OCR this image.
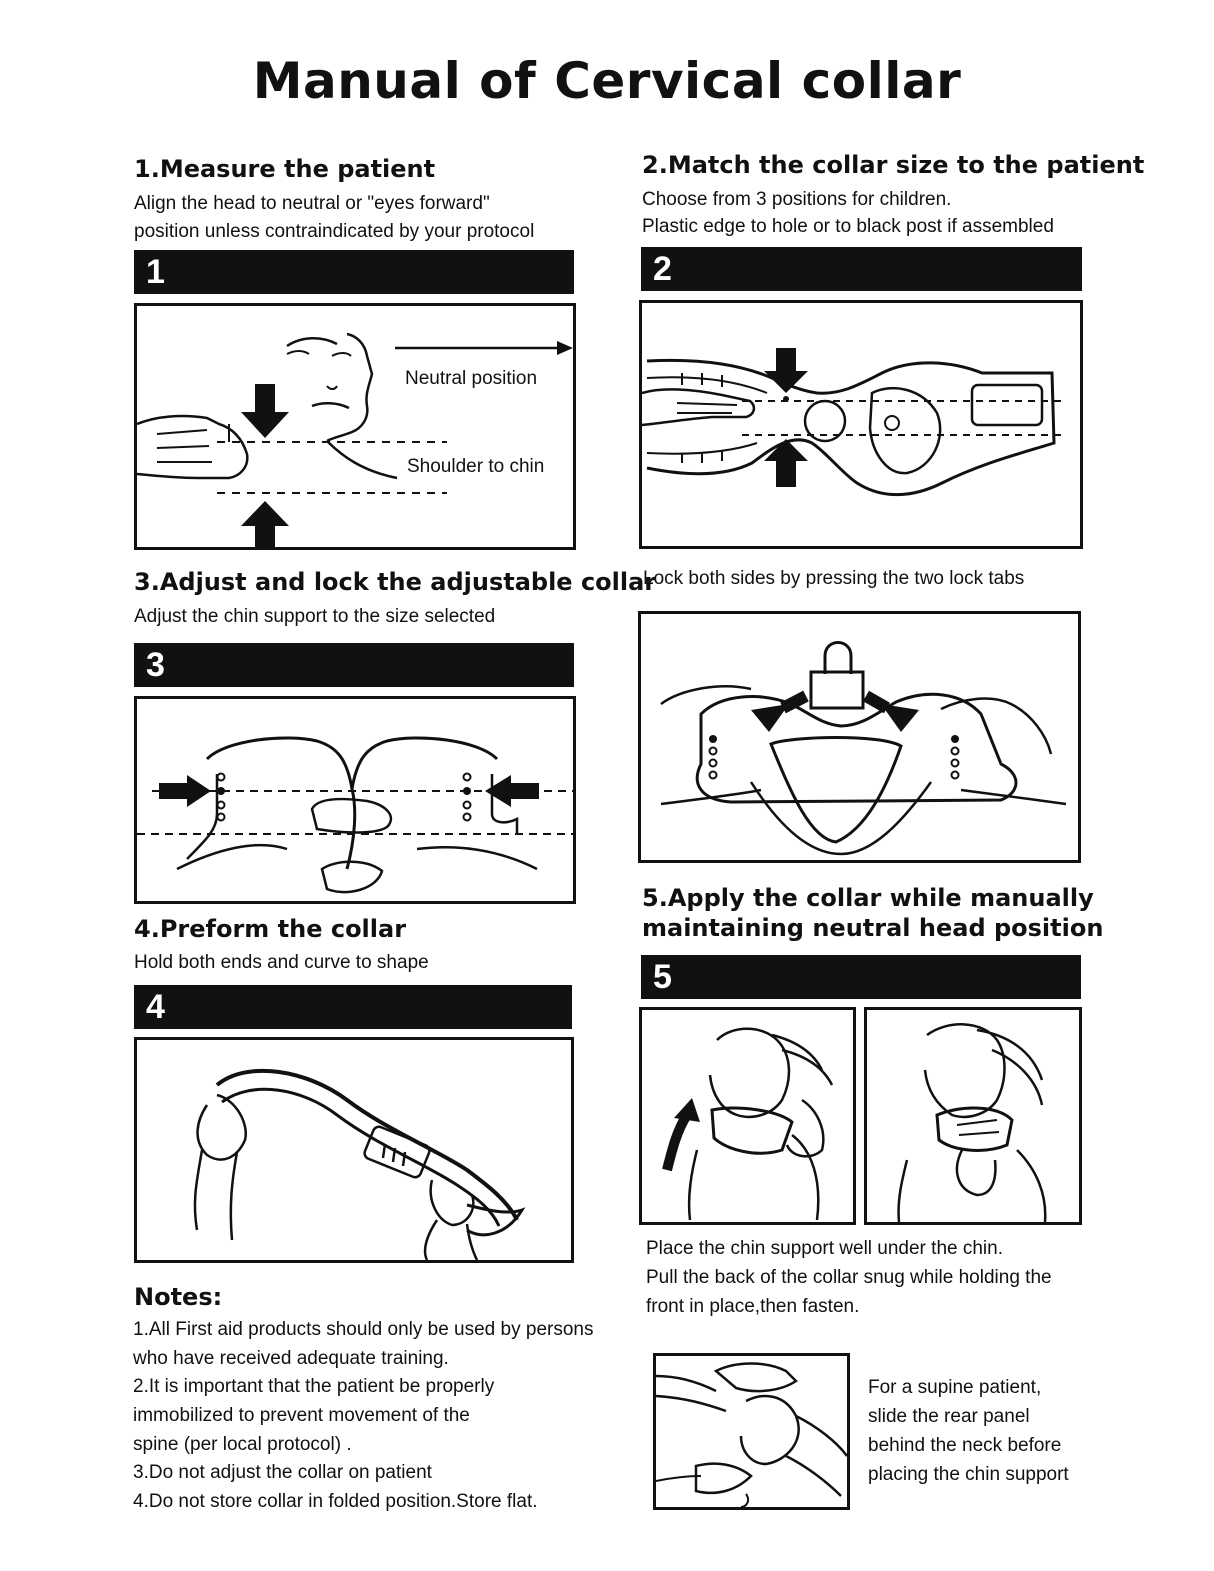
Manual of Cervical collar
1.Measure the patient
Align the head to neutral or "eyes forward"
position unless contraindicated by your protocol
1
Neutral position
Shoulder to chin
2.Match the collar size to the patient
Choose from 3 positions for children.
Plastic edge to hole or to black post if assembled
2
Lock both sides by pressing the two lock tabs
3.Adjust and lock the adjustable collar
Adjust the chin support to the size selected
3
4.Preform the collar
Hold both ends and curve to shape
4
5.Apply the collar while manually
maintaining neutral head position
5
Place the chin support well under the chin.
Pull the back of the collar snug while holding the
front in place,then fasten.
For a supine patient,
slide the rear panel
behind the neck before
placing the chin support
Notes:
1.All First aid products should only be used by persons
who have received adequate training.
2.It is important that the patient be properly
immobilized to prevent movement of the
spine (per local protocol) .
3.Do not adjust the collar on patient
4.Do not store collar in folded position.Store flat.
